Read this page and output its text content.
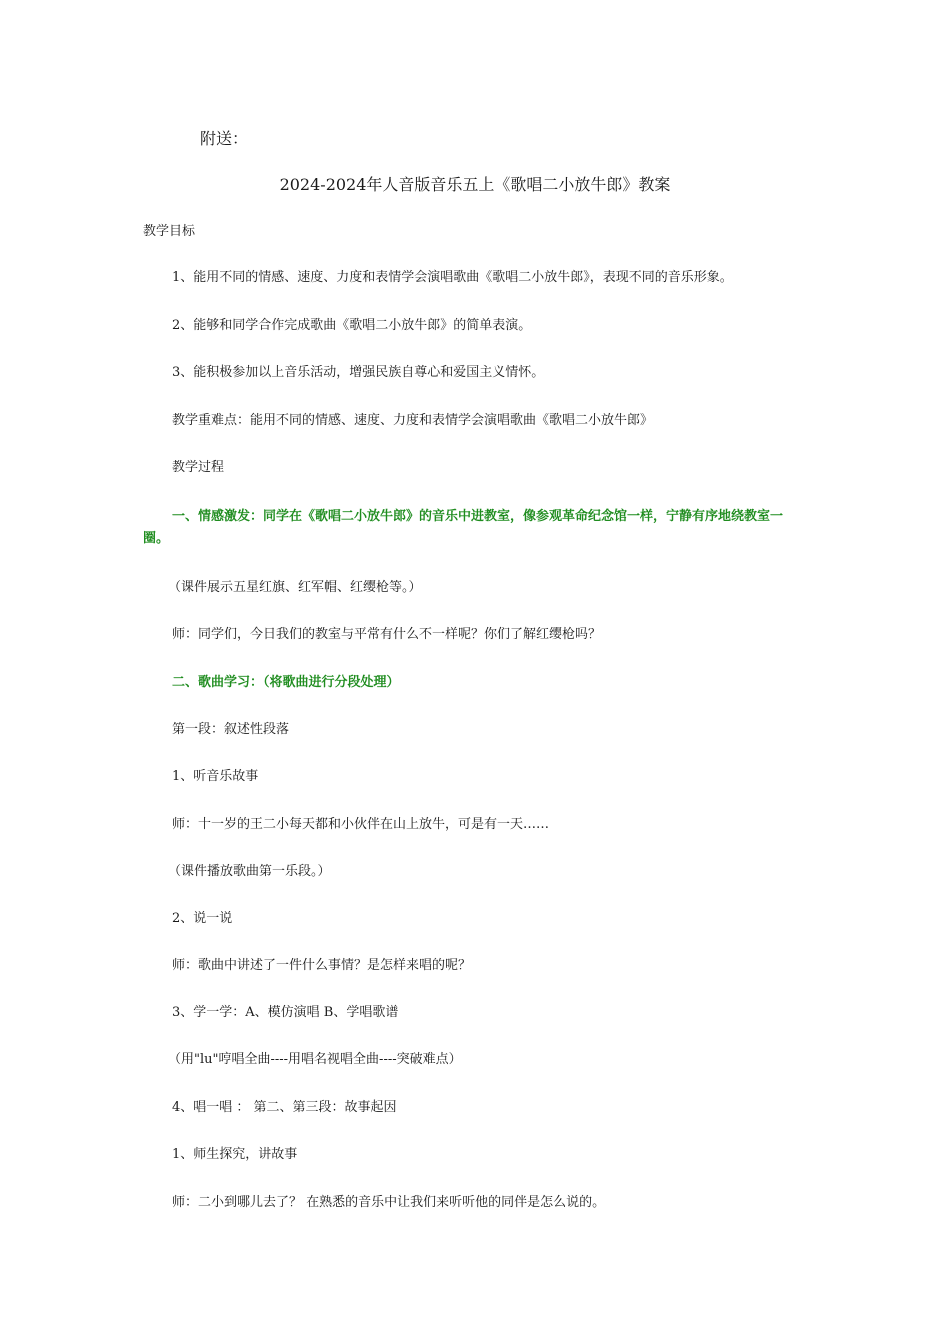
附送：
2024-2024年人音版音乐五上《歌唱二小放牛郎》教案
教学目标
1、能用不同的情感、速度、力度和表情学会演唱歌曲《歌唱二小放牛郎》，表现不同的音乐形象。
2、能够和同学合作完成歌曲《歌唱二小放牛郎》的简单表演。
3、能积极参加以上音乐活动，增强民族自尊心和爱国主义情怀。
教学重难点：能用不同的情感、速度、力度和表情学会演唱歌曲《歌唱二小放牛郎》
教学过程
一、情感激发：同学在《歌唱二小放牛郎》的音乐中进教室，像参观革命纪念馆一样，宁静有序地绕教室一圈。
（课件展示五星红旗、红军帽、红缨枪等。）
师：同学们，今日我们的教室与平常有什么不一样呢？你们了解红缨枪吗？
二、歌曲学习：（将歌曲进行分段处理）
第一段：叙述性段落
1、听音乐故事
师：十一岁的王二小每天都和小伙伴在山上放牛，可是有一天……
（课件播放歌曲第一乐段。）
2、说一说
师：歌曲中讲述了一件什么事情？是怎样来唱的呢？
3、学一学：A、模仿演唱 B、学唱歌谱
（用"lu"哼唱全曲----用唱名视唱全曲----突破难点）
4、唱一唱 ： 第二、第三段：故事起因
1、师生探究，讲故事
师：二小到哪儿去了？ 在熟悉的音乐中让我们来听听他的同伴是怎么说的。
